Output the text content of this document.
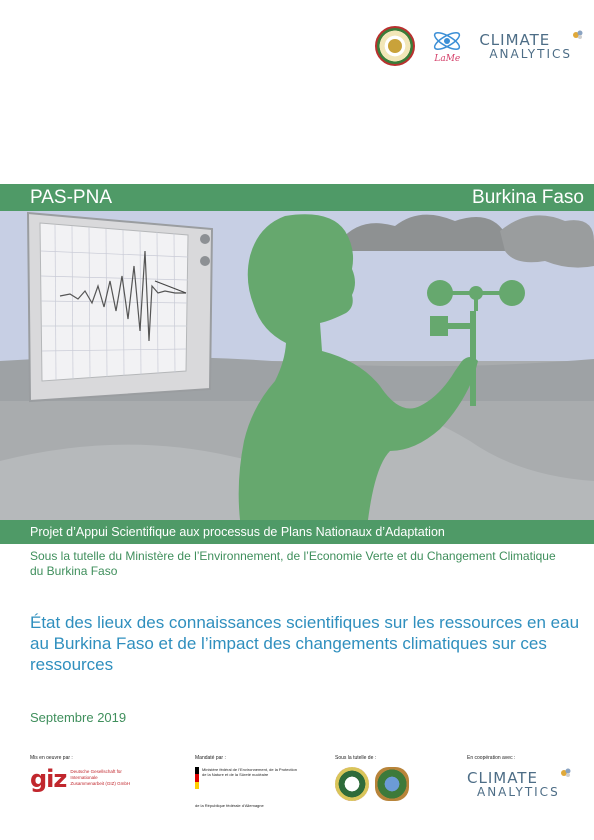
LaMe
CLIMATE
ANALYTICS
PAS-PNA	Burkina Faso
Projet d’Appui Scientifique aux processus de Plans Nationaux d’Adaptation
Sous la tutelle du Ministère de l’Environnement, de l’Economie Verte et du Changement Climatique du Burkina Faso
État des lieux des connaissances scientifiques sur les ressources en eau au Burkina Faso et de l’impact des changements climatiques sur ces ressources
Septembre 2019
Mis en oeuvre par :
giz Deutsche Gesellschaft für Internationale Zusammenarbeit (GIZ) GmbH
Mandaté par :
Ministère fédéral de l’Environnement, de la Protection de la Nature et de la Sûreté nucléaire
de la République fédérale d’Allemagne
Sous la tutelle de :	En coopération avec :
CLIMATE
ANALYTICS
